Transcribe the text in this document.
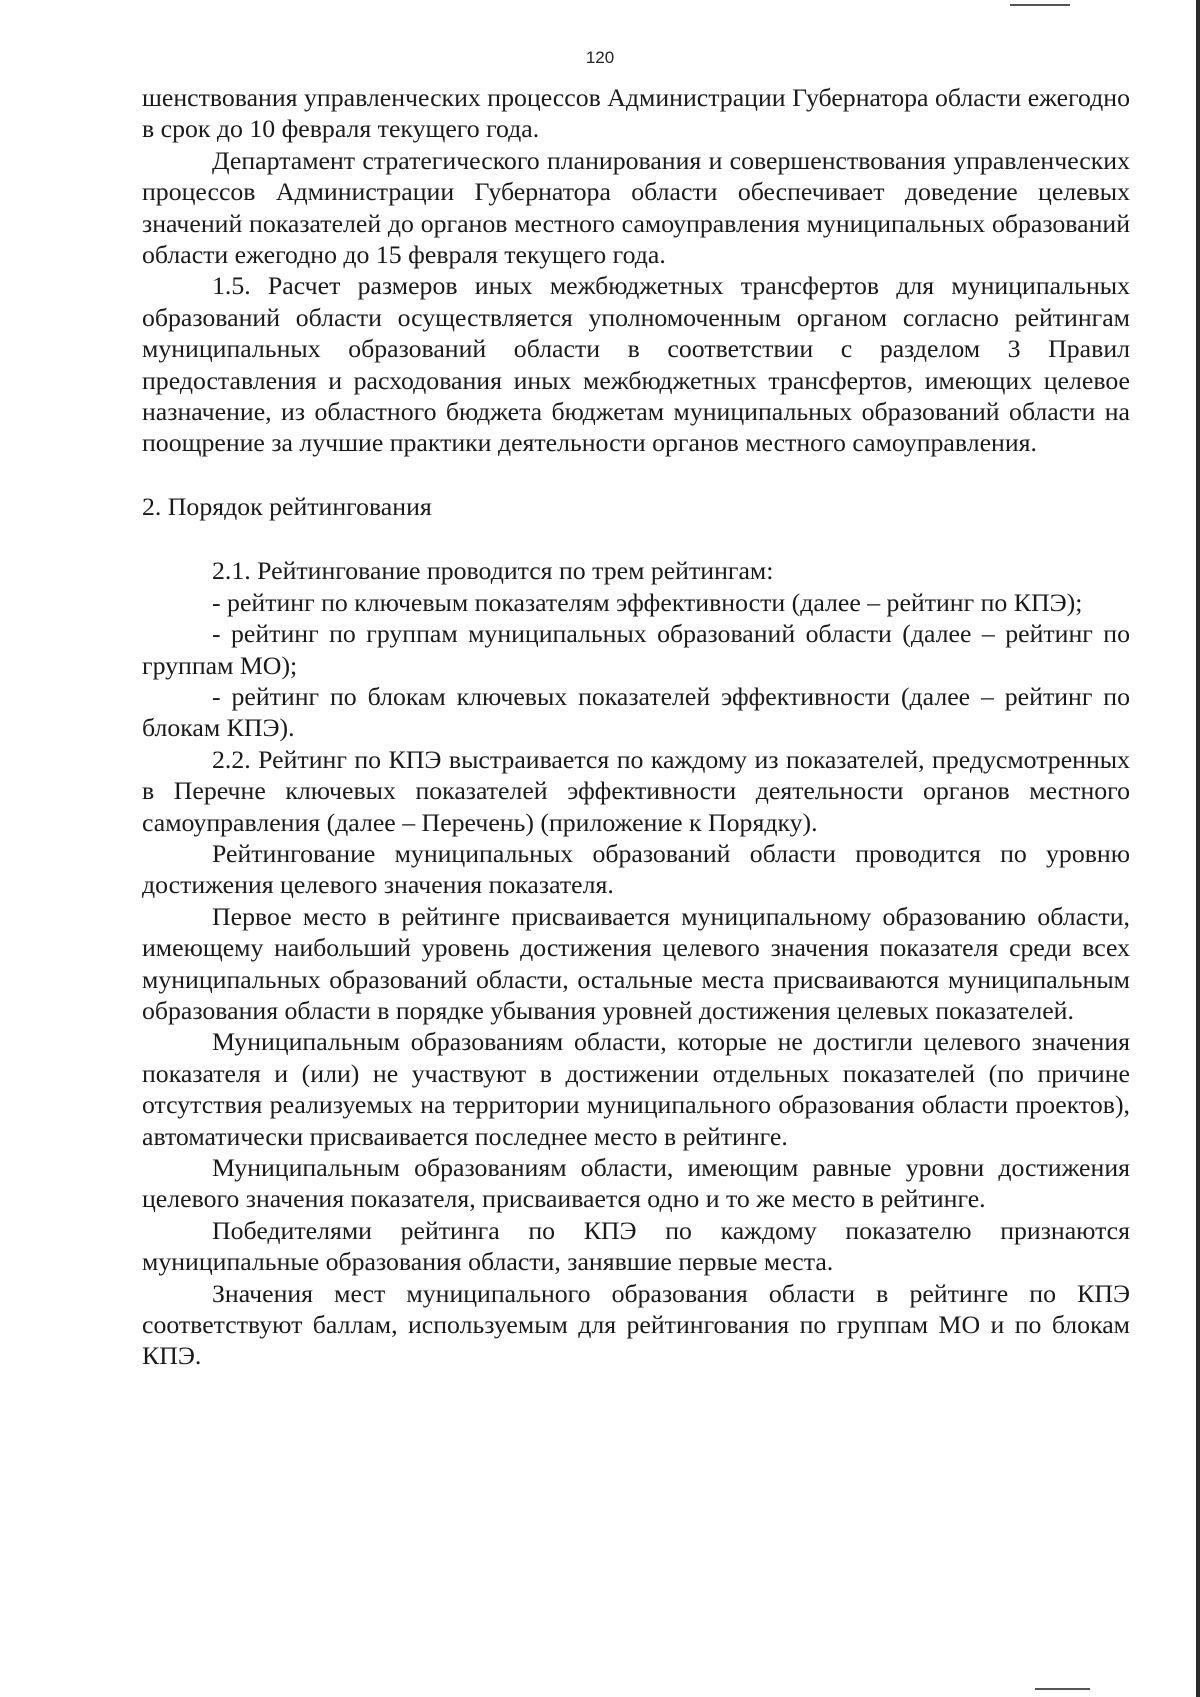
120

шенствования управленческих процессов Администрации Губернатора области ежегодно в срок до 10 февраля текущего года.

Департамент стратегического планирования и совершенствования управленческих процессов Администрации Губернатора области обеспечивает доведение целевых значений показателей до органов местного самоуправления муниципальных образований области ежегодно до 15 февраля текущего года.

1.5. Расчет размеров иных межбюджетных трансфертов для муниципальных образований области осуществляется уполномоченным органом согласно рейтингам муниципальных образований области в соответствии с разделом 3 Правил предоставления и расходования иных межбюджетных трансфертов, имеющих целевое назначение, из областного бюджета бюджетам муниципальных образований области на поощрение за лучшие практики деятельности органов местного самоуправления.

2. Порядок рейтингования

2.1. Рейтингование проводится по трем рейтингам:

- рейтинг по ключевым показателям эффективности (далее – рейтинг по КПЭ);

- рейтинг по группам муниципальных образований области (далее – рейтинг по группам МО);

- рейтинг по блокам ключевых показателей эффективности (далее – рейтинг по блокам КПЭ).

2.2. Рейтинг по КПЭ выстраивается по каждому из показателей, предусмотренных в Перечне ключевых показателей эффективности деятельности органов местного самоуправления (далее – Перечень) (приложение к Порядку).

Рейтингование муниципальных образований области проводится по уровню достижения целевого значения показателя.

Первое место в рейтинге присваивается муниципальному образованию области, имеющему наибольший уровень достижения целевого значения показателя среди всех муниципальных образований области, остальные места присваиваются муниципальным образования области в порядке убывания уровней достижения целевых показателей.

Муниципальным образованиям области, которые не достигли целевого значения показателя и (или) не участвуют в достижении отдельных показателей (по причине отсутствия реализуемых на территории муниципального образования области проектов), автоматически присваивается последнее место в рейтинге.

Муниципальным образованиям области, имеющим равные уровни достижения целевого значения показателя, присваивается одно и то же место в рейтинге.

Победителями рейтинга по КПЭ по каждому показателю признаются муниципальные образования области, занявшие первые места.

Значения мест муниципального образования области в рейтинге по КПЭ соответствуют баллам, используемым для рейтингования по группам МО и по блокам КПЭ.
